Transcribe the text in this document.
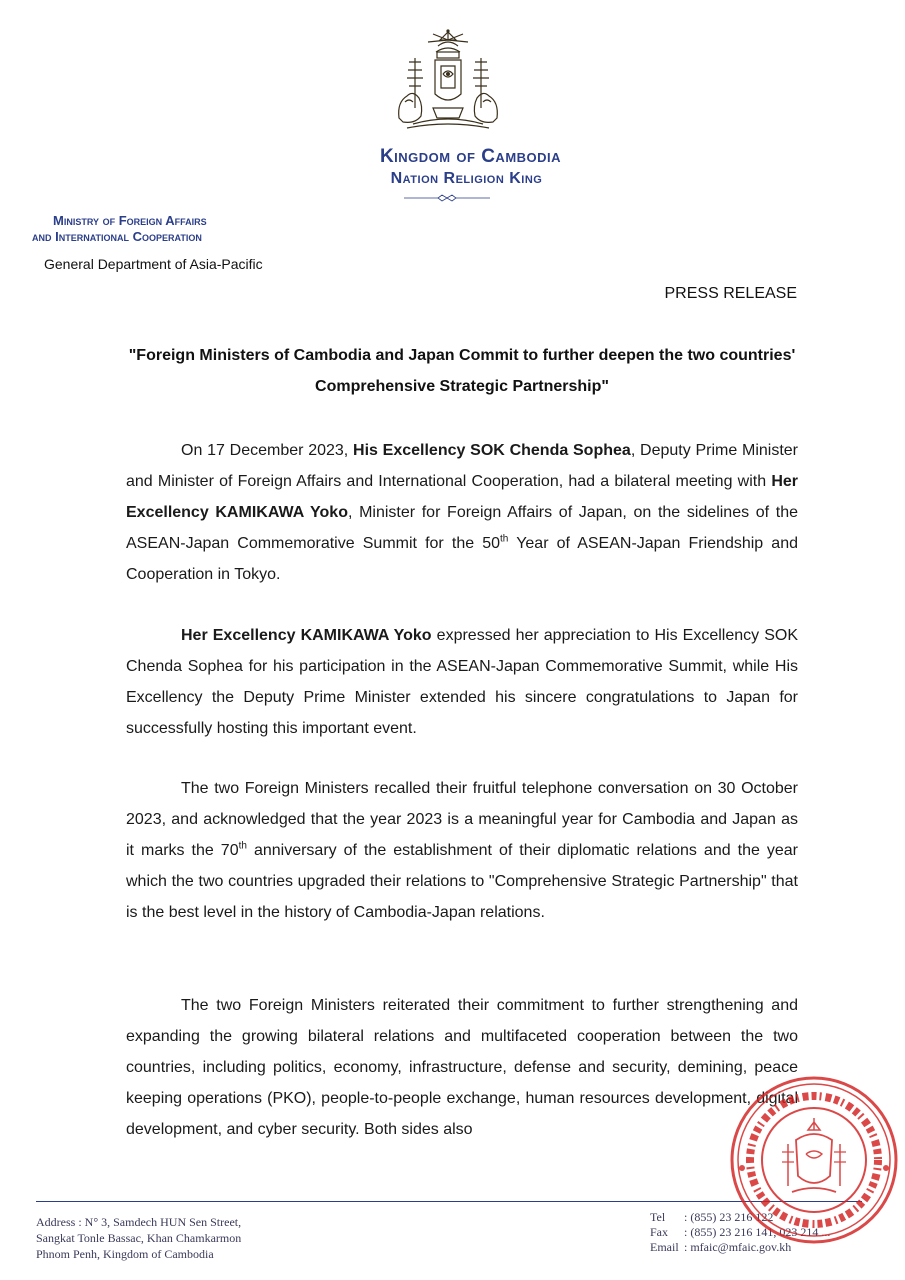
Kingdom of Cambodia
Nation Religion King
Ministry of Foreign Affairs
and International Cooperation
General Department of Asia-Pacific
PRESS RELEASE
"Foreign Ministers of Cambodia and Japan Commit to further deepen the two countries' Comprehensive Strategic Partnership"

On 17 December 2023, His Excellency SOK Chenda Sophea, Deputy Prime Minister and Minister of Foreign Affairs and International Cooperation, had a bilateral meeting with Her Excellency KAMIKAWA Yoko, Minister for Foreign Affairs of Japan, on the sidelines of the ASEAN-Japan Commemorative Summit for the 50th Year of ASEAN-Japan Friendship and Cooperation in Tokyo.

Her Excellency KAMIKAWA Yoko expressed her appreciation to His Excellency SOK Chenda Sophea for his participation in the ASEAN-Japan Commemorative Summit, while His Excellency the Deputy Prime Minister extended his sincere congratulations to Japan for successfully hosting this important event.

The two Foreign Ministers recalled their fruitful telephone conversation on 30 October 2023, and acknowledged that the year 2023 is a meaningful year for Cambodia and Japan as it marks the 70th anniversary of the establishment of their diplomatic relations and the year which the two countries upgraded their relations to "Comprehensive Strategic Partnership" that is the best level in the history of Cambodia-Japan relations.

The two Foreign Ministers reiterated their commitment to further strengthening and expanding the growing bilateral relations and multifaceted cooperation between the two countries, including politics, economy, infrastructure, defense and security, demining, peace keeping operations (PKO), people-to-people exchange, human resources development, digital development, and cyber security. Both sides also

Address : N° 3, Samdech HUN Sen Street,
Sangkat Tonle Bassac, Khan Chamkarmon
Phnom Penh, Kingdom of Cambodia
Tel : (855) 23 216 122
Fax : (855) 23 216 141, 023 214 ...
Email : mfaic@mfaic.gov.kh
